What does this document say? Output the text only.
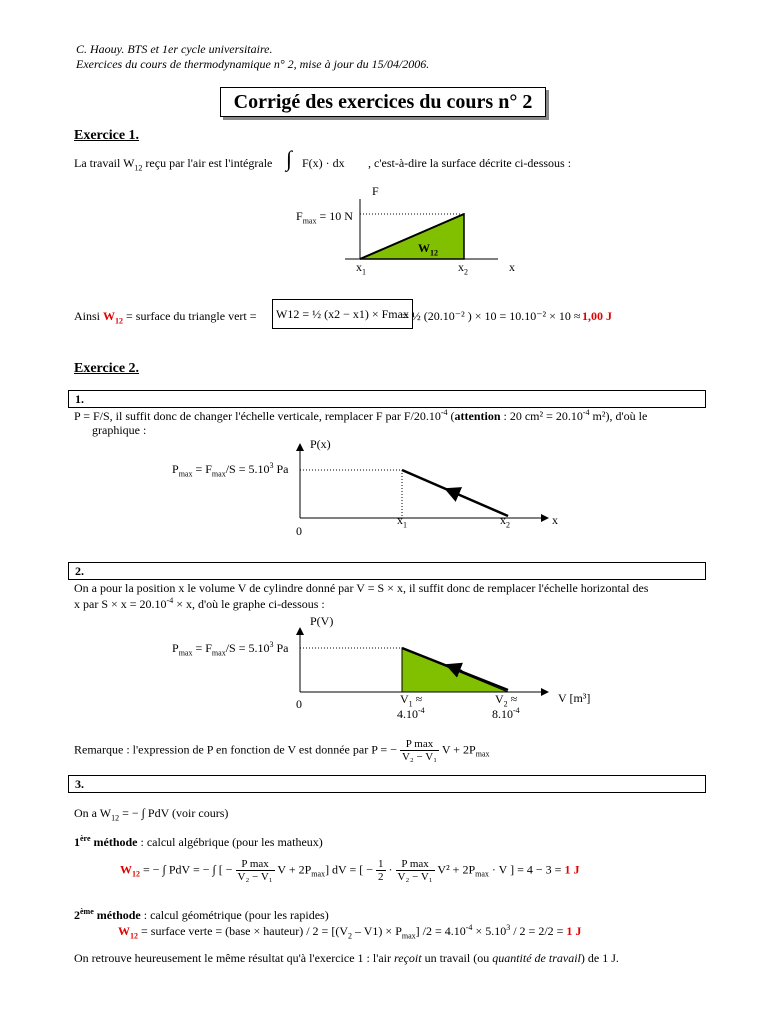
C. Haouy. BTS et 1er cycle universitaire.
Exercices du cours de thermodynamique n° 2, mise à jour du 15/04/2006.
Corrigé des exercices du cours n° 2
Exercice 1.
La travail $W_{12}$ reçu par l'air est l'intégrale ∫ F(x) · dx , c'est-à-dire la surface décrite ci-dessous :
F
$F_{max} = 10$ N
$W_{12}$
$x_1$	$x_2$	x
Ainsi $W_{12}$ = surface du triangle vert =	W12 = ½ (x2 − x1) × Fmax
= ½ (20.10⁻² ) × 10 = 10.10⁻² × 10 ≈ 1,00 J
Exercice 2.
1.
P = F/S, il suffit donc de changer l'échelle verticale, remplacer F par $F/20.10^{-4}$ (attention : 20 $cm^2 = 20.10^{-4}$ m²), d'où le
graphique :
P(x)
$P_{max} = F_{max}/S = 5.10^3$ Pa
0
$x_1$	$x_2$	x
2.
On a pour la position x le volume V de cylindre donné par V = S × x, il suffit donc de remplacer l'échelle horizontal des
x par $S \times x = 20.10^{-4} \times x$, d'où le graphe ci-dessous :
P(V)
$P_{max} = F_{max}/S = 5.10^3$ Pa
0	$V_1$ ≈
$4.10^{-4}$
$V_2$ ≈
$8.10^{-4}$
V [m³]
Remarque : l'expression de P en fonction de V est donnée par P = − $\frac{\text{P max}}{\text{V₂ − V₁}}$ $V + 2P_{max}$
3.
On a $W_{12}$ = − ∫ PdV (voir cours)
1ère méthode : calcul algébrique (pour les matheux)
$W_{12}$ = − ∫ PdV = − ∫ [ − $\frac{\text{P max}}{\text{V₂ − V₁}}$ $V + 2P_{max}$] dV = [ − $\frac{1}{2} \cdot \frac{\text{P max}}{\text{V₂ − V₁}} V^2 + 2P_{max} \cdot V$ ] = 4 − 3 = 1 J
2ème méthode : calcul géométrique (pour les rapides)
$W_{12}$ = surface verte = (base × hauteur) / $2 = [(V_2 - V1) \times P_{max}] /2 = 4.10^{-4} \times 5.10^3 / 2 = 2/2 = 1$ J
On retrouve heureusement le même résultat qu'à l'exercice 1 : l'air reçoit un travail (ou quantité de travail) de 1 J.
